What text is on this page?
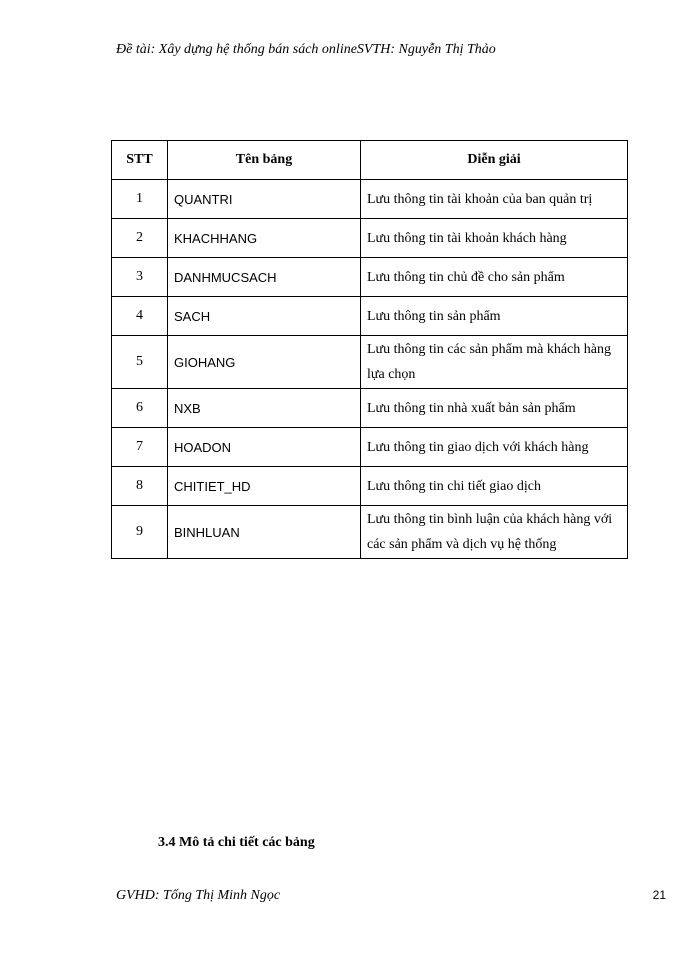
Đề tài: Xây dựng hệ thống bán sách onlineSVTH: Nguyễn Thị Thảo
STT	Tên bảng	Diễn giải
1	QUANTRI	Lưu thông tin tài khoản của ban quản trị
2	KHACHHANG	Lưu thông tin tài khoản khách hàng
3	DANHMUCSACH	Lưu thông tin chủ đề cho sản phẩm
4	SACH	Lưu thông tin sản phẩm
5	GIOHANG	Lưu thông tin các sản phẩm mà khách hàng lựa chọn
6	NXB	Lưu thông tin nhà xuất bản sản phẩm
7	HOADON	Lưu thông tin giao dịch với khách hàng
8	CHITIET_HD	Lưu thông tin chi tiết giao dịch
9	BINHLUAN	Lưu thông tin bình luận của khách hàng với các sản phẩm và dịch vụ hệ thống
3.4 Mô tả chi tiết các bảng
GVHD: Tống Thị Minh Ngọc	21
